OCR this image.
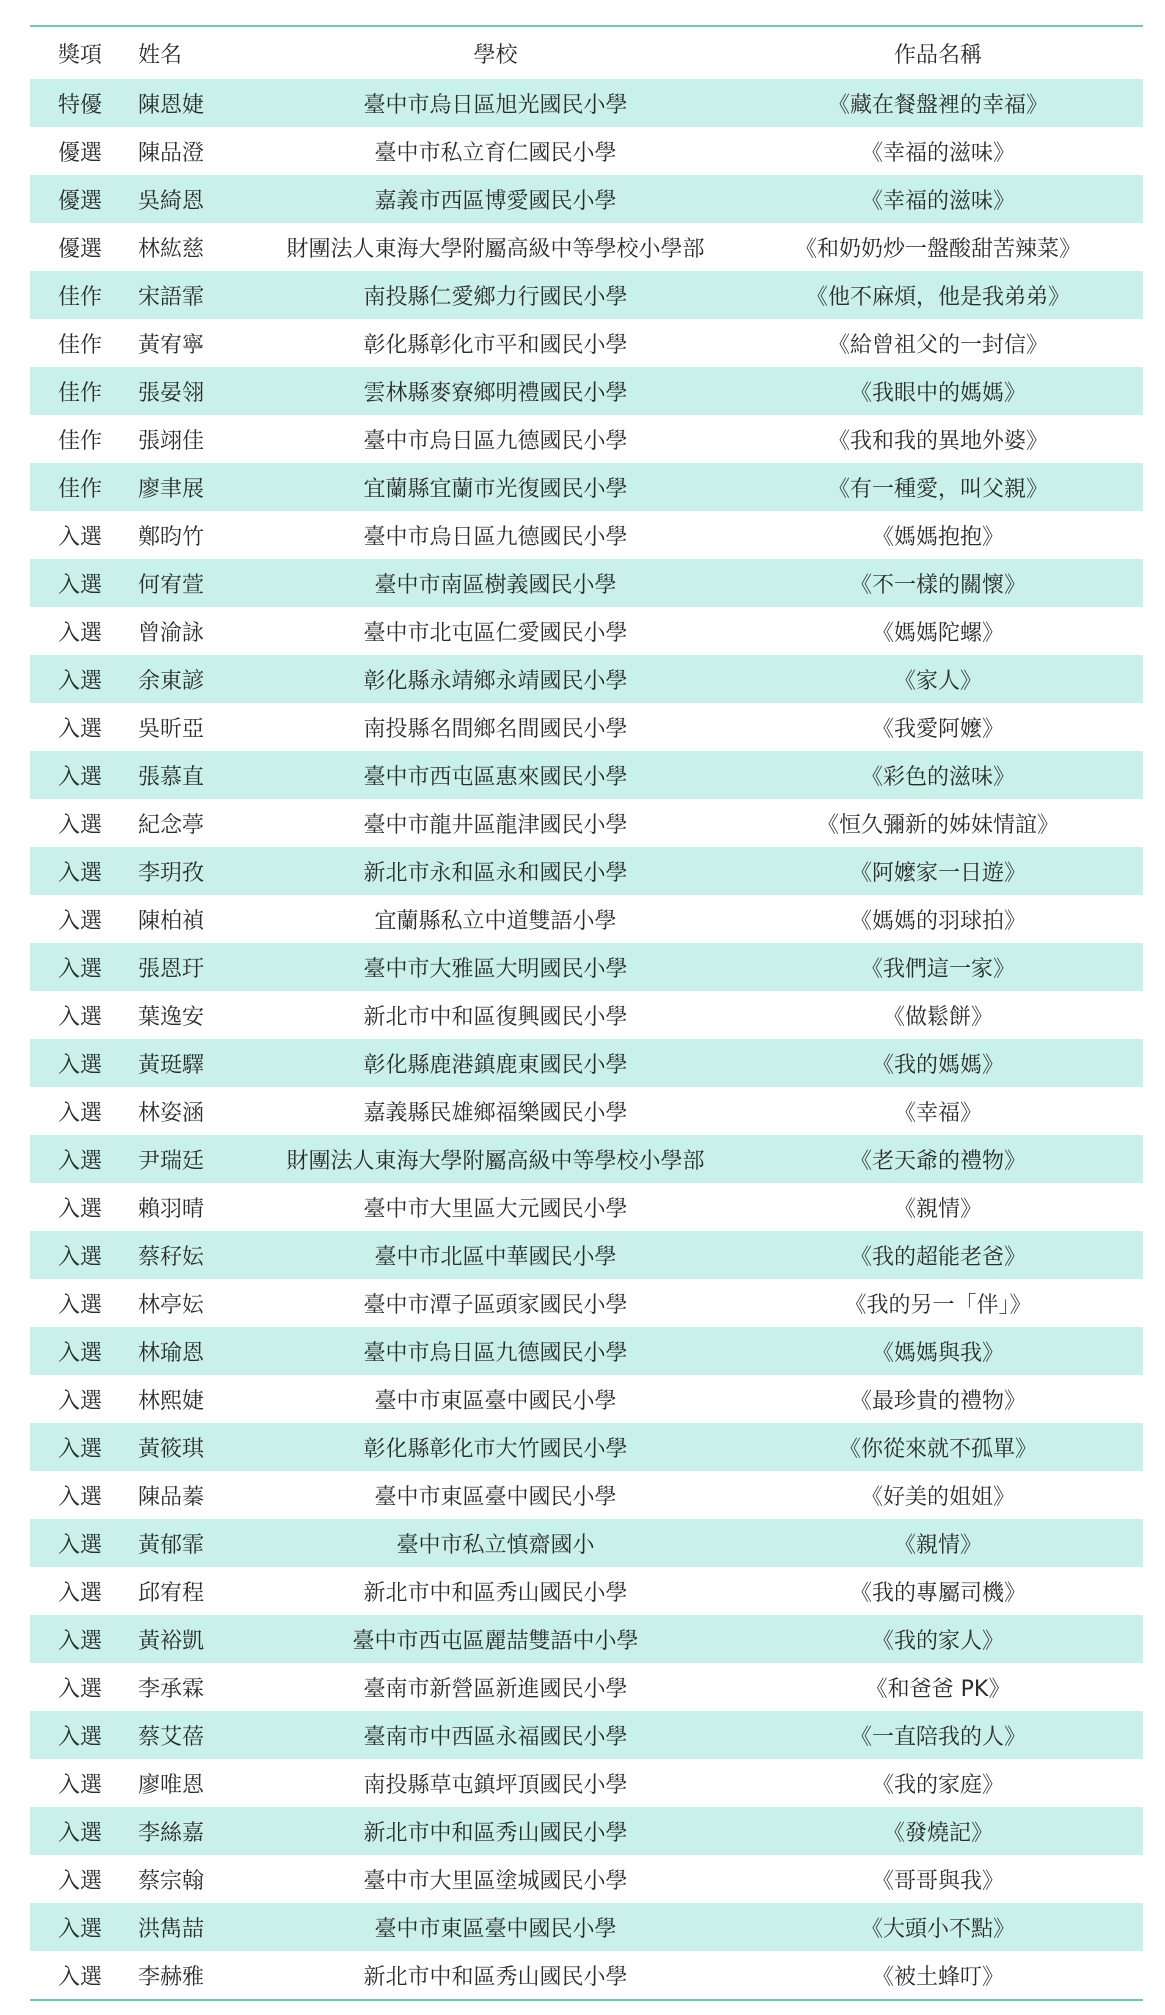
獎項	姓名	學校	作品名稱
特優	陳恩婕	臺中市烏日區旭光國民小學	《藏在餐盤裡的幸福》
優選	陳品澄	臺中市私立育仁國民小學	《幸福的滋味》
優選	吳綺恩	嘉義市西區博愛國民小學	《幸福的滋味》
優選	林紘慈	財團法人東海大學附屬高級中等學校小學部	《和奶奶炒一盤酸甜苦辣菜》
佳作	宋語霏	南投縣仁愛鄉力行國民小學	《他不麻煩，他是我弟弟》
佳作	黃宥寧	彰化縣彰化市平和國民小學	《給曾祖父的一封信》
佳作	張晏翎	雲林縣麥寮鄉明禮國民小學	《我眼中的媽媽》
佳作	張翊佳	臺中市烏日區九德國民小學	《我和我的異地外婆》
佳作	廖聿展	宜蘭縣宜蘭市光復國民小學	《有一種愛，叫父親》
入選	鄭昀竹	臺中市烏日區九德國民小學	《媽媽抱抱》
入選	何宥萱	臺中市南區樹義國民小學	《不一樣的關懷》
入選	曾渝詠	臺中市北屯區仁愛國民小學	《媽媽陀螺》
入選	余東諺	彰化縣永靖鄉永靖國民小學	《家人》
入選	吳昕亞	南投縣名間鄉名間國民小學	《我愛阿嬤》
入選	張慕直	臺中市西屯區惠來國民小學	《彩色的滋味》
入選	紀念葶	臺中市龍井區龍津國民小學	《恒久彌新的姊妹情誼》
入選	李玥孜	新北市永和區永和國民小學	《阿嬤家一日遊》
入選	陳柏禎	宜蘭縣私立中道雙語小學	《媽媽的羽球拍》
入選	張恩玗	臺中市大雅區大明國民小學	《我們這一家》
入選	葉逸安	新北市中和區復興國民小學	《做鬆餅》
入選	黃珽驛	彰化縣鹿港鎮鹿東國民小學	《我的媽媽》
入選	林姿涵	嘉義縣民雄鄉福樂國民小學	《幸福》
入選	尹瑞廷	財團法人東海大學附屬高級中等學校小學部	《老天爺的禮物》
入選	賴羽晴	臺中市大里區大元國民小學	《親情》
入選	蔡秄妘	臺中市北區中華國民小學	《我的超能老爸》
入選	林亭妘	臺中市潭子區頭家國民小學	《我的另一「伴」》
入選	林瑜恩	臺中市烏日區九德國民小學	《媽媽與我》
入選	林熙婕	臺中市東區臺中國民小學	《最珍貴的禮物》
入選	黃筱琪	彰化縣彰化市大竹國民小學	《你從來就不孤單》
入選	陳品蓁	臺中市東區臺中國民小學	《好美的姐姐》
入選	黃郁霏	臺中市私立慎齋國小	《親情》
入選	邱宥程	新北市中和區秀山國民小學	《我的專屬司機》
入選	黃裕凱	臺中市西屯區麗喆雙語中小學	《我的家人》
入選	李承霖	臺南市新營區新進國民小學	《和爸爸 PK》
入選	蔡艾蓓	臺南市中西區永福國民小學	《一直陪我的人》
入選	廖唯恩	南投縣草屯鎮坪頂國民小學	《我的家庭》
入選	李絲嘉	新北市中和區秀山國民小學	《發燒記》
入選	蔡宗翰	臺中市大里區塗城國民小學	《哥哥與我》
入選	洪雋喆	臺中市東區臺中國民小學	《大頭小不點》
入選	李赫雅	新北市中和區秀山國民小學	《被土蜂叮》
